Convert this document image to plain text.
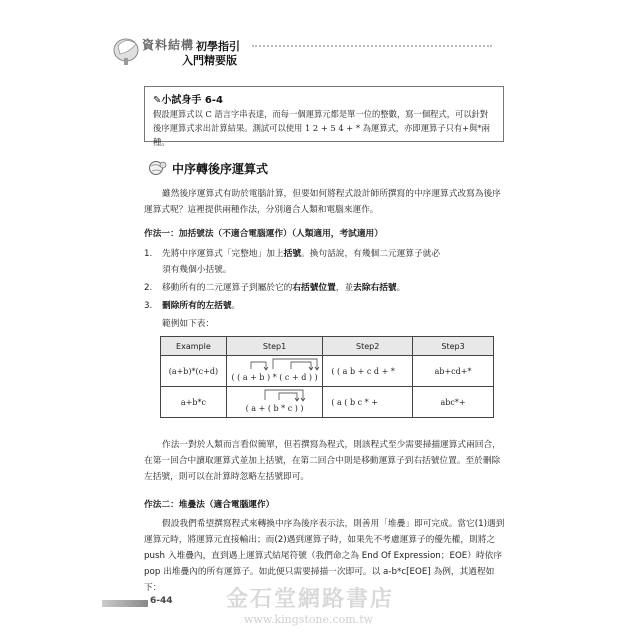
資料結構 初學指引
入門精要版
✎小試身手 6-4
假設運算式以 C 語言字串表達，而每一個運算元都是單一位的整數，寫一個程式，可以針對後序運算式求出計算結果。測試可以使用 1 2 + 5 4 + * 為運算式，亦即運算子只有+與*兩種。
中序轉後序運算式
雖然後序運算式有助於電腦計算，但要如何將程式設計師所撰寫的中序運算式改寫為後序運算式呢？這裡提供兩種作法，分別適合人類和電腦來運作。
作法一：加括號法（不適合電腦運作）（人類適用，考試適用）
1. 先將中序運算式「完整地」加上括號。換句話說，有幾個二元運算子就必
須有幾個小括號。
2. 移動所有的二元運算子到屬於它的右括號位置，並去除右括號。
3. 刪除所有的左括號。
範例如下表：
Example	Step1	Step2	Step3
(a+b)*(c+d)	( ( a + b ) * ( c + d ) )	( ( a b + c d + *	ab+cd+*
a+b*c	( a + ( b * c ) )	( a ( b c * +	abc*+
作法一對於人類而言看似簡單，但若撰寫為程式，則該程式至少需要掃描運算式兩回合，在第一回合中讀取運算式並加上括號，在第二回合中則是移動運算子到右括號位置。至於刪除左括號，則可以在計算時忽略左括號即可。
作法二：堆疊法（適合電腦運作）
假設我們希望撰寫程式來轉換中序為後序表示法，則善用「堆疊」即可完成。當它(1)遇到運算元時，將運算元直接輸出；而(2)遇到運算子時，如果先不考慮運算子的優先權，則將之 push 入堆疊內，直到遇上運算式結尾符號（我們命之為 End Of Expression；EOE）時依序 pop 出堆疊內的所有運算子。如此便只需要掃描一次即可。以 a-b*c[EOE] 為例，其過程如下：
6-44 金石堂網路書店
www.kingstone.com.tw
